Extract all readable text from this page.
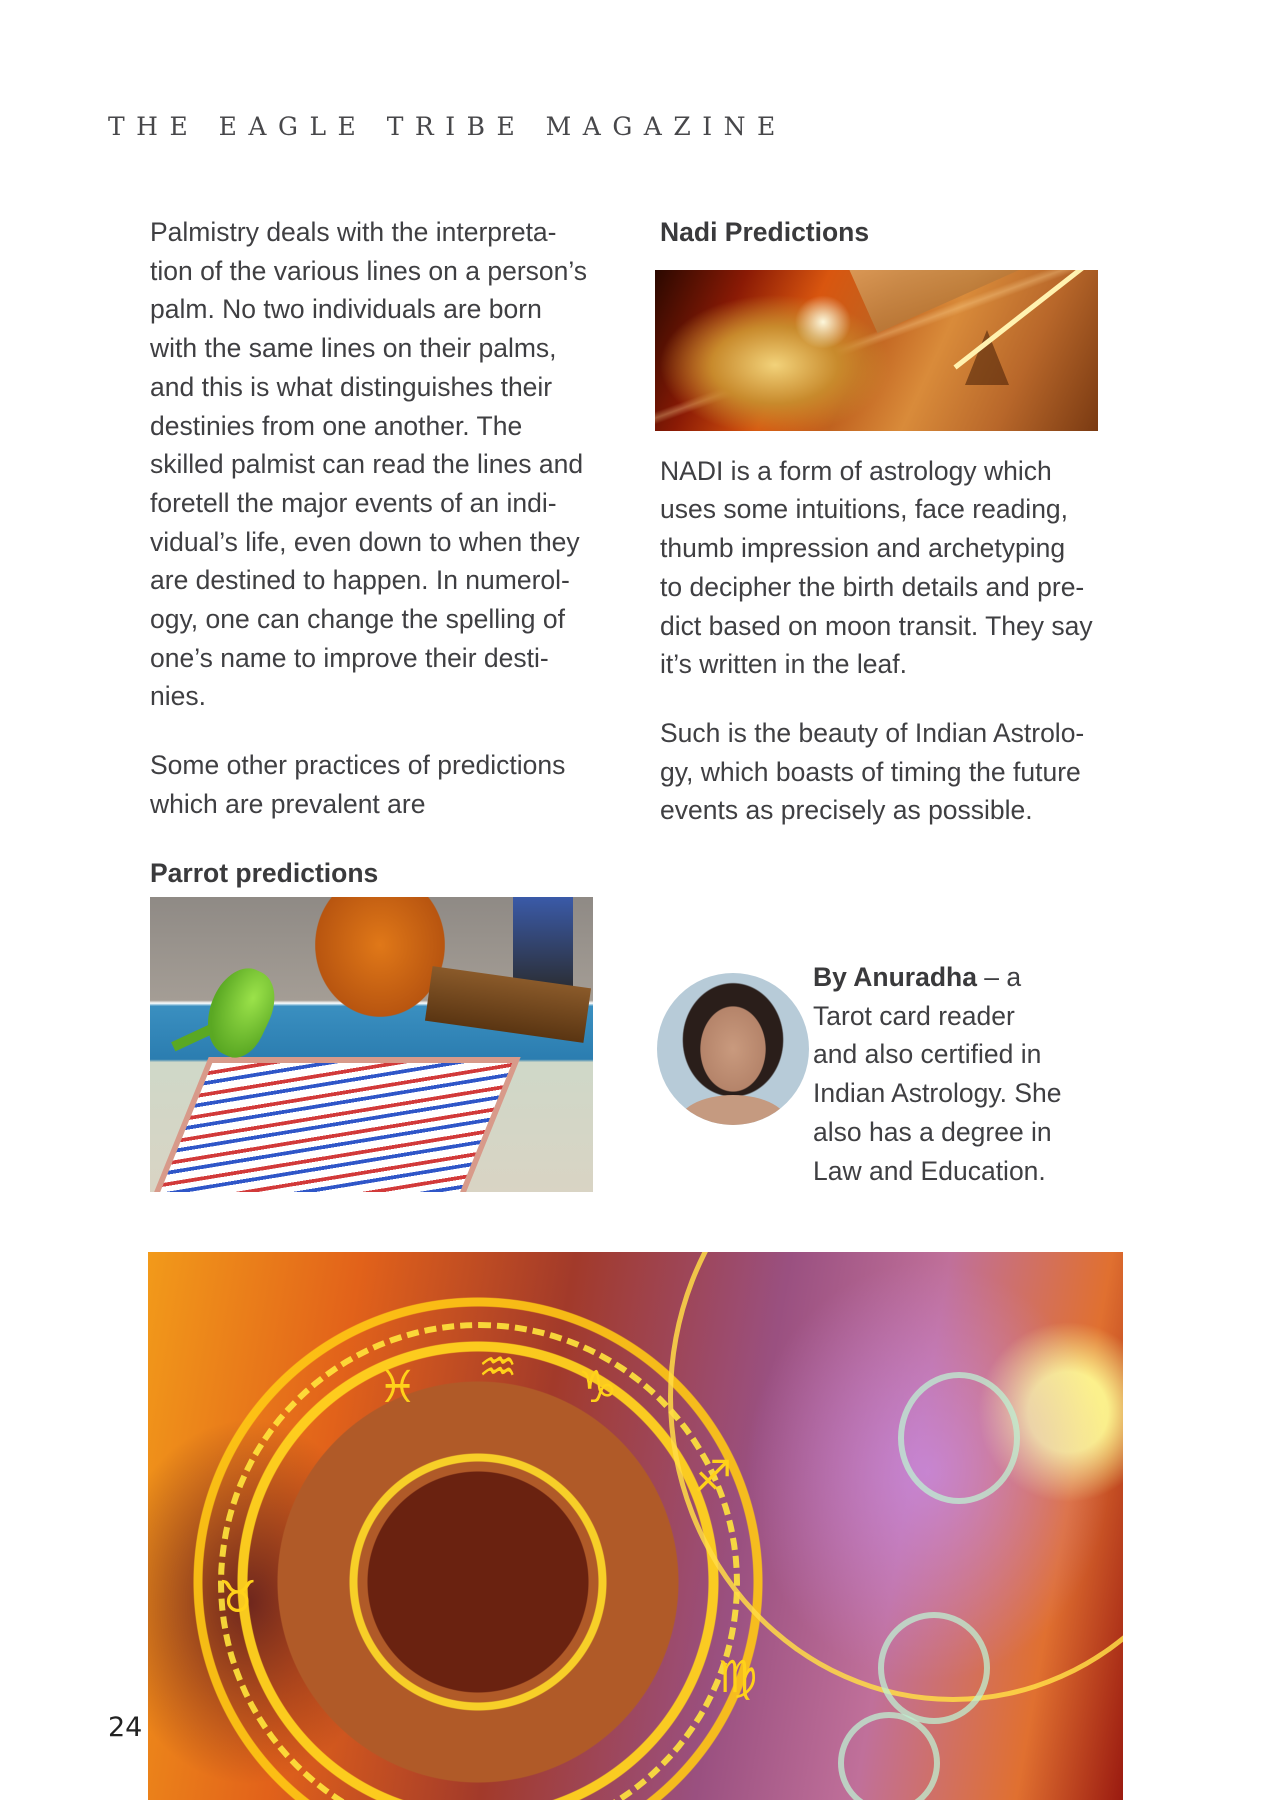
THE EAGLE TRIBE MAGAZINE

Palmistry deals with the interpreta-
tion of the various lines on a person’s
palm. No two individuals are born
with the same lines on their palms,
and this is what distinguishes their
destinies from one another. The
skilled palmist can read the lines and
foretell the major events of an indi-
vidual’s life, even down to when they
are destined to happen. In numerol-
ogy, one can change the spelling of
one’s name to improve their desti-
nies.

Some other practices of predictions
which are prevalent are

Parrot predictions

Nadi Predictions

NADI is a form of astrology which
uses some intuitions, face reading,
thumb impression and archetyping
to decipher the birth details and pre-
dict based on moon transit. They say
it’s written in the leaf.

Such is the beauty of Indian Astrolo-
gy, which boasts of timing the future
events as precisely as possible.

By Anuradha – a
Tarot card reader
and also certified in
Indian Astrology. She
also has a degree in
Law and Education.
♓ ♒ ♑
♉
♍
♐
24
